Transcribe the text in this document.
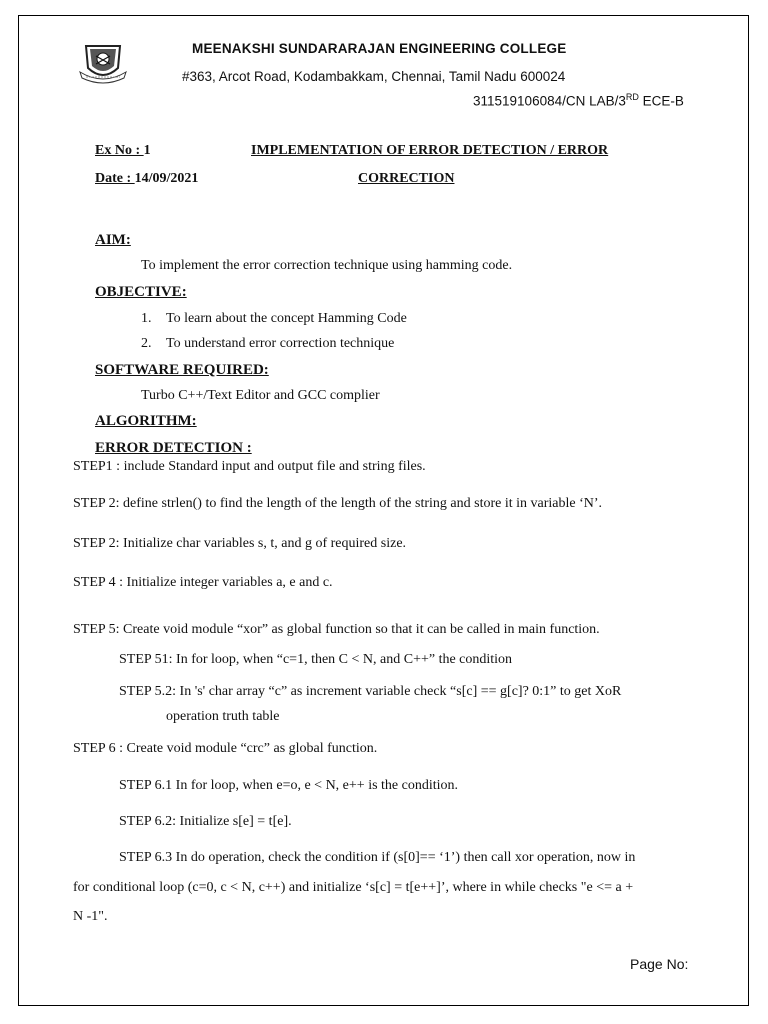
MEENAKSHI SUNDARARAJAN ENGINEERING COLLEGE
#363, Arcot Road, Kodambakkam, Chennai, Tamil Nadu 600024
311519106084/CN LAB/3RD ECE-B
Ex No : 1
Date : 14/09/2021
IMPLEMENTATION OF ERROR DETECTION / ERROR
CORRECTION
AIM:
To implement the error correction technique using hamming code.
OBJECTIVE:
1. To learn about the concept Hamming Code
2. To understand error correction technique
SOFTWARE REQUIRED:
Turbo C++/Text Editor and GCC complier
ALGORITHM:
ERROR DETECTION :
STEP1 : include Standard input and output file and string files.
STEP 2: define strlen() to find the length of the length of the string and store it in variable ‘N’.
STEP 2: Initialize char variables s, t, and g of required size.
STEP 4 : Initialize integer variables a, e and c.
STEP 5: Create void module “xor” as global function so that it can be called in main function.
STEP 51: In for loop, when “c=1, then C < N, and C++” the condition
STEP 5.2: In 's' char array “c” as increment variable check “s[c] == g[c]? 0:1” to get XoR
operation truth table
STEP 6 : Create void module “crc” as global function.
STEP 6.1 In for loop, when e=o, e < N, e++ is the condition.
STEP 6.2: Initialize s[e] = t[e].
STEP 6.3 In do operation, check the condition if (s[0]== ‘1’) then call xor operation, now in
for conditional loop (c=0, c < N, c++) and initialize ‘s[c] = t[e++]’, where in while checks "e <= a +
N -1".
Page No:
